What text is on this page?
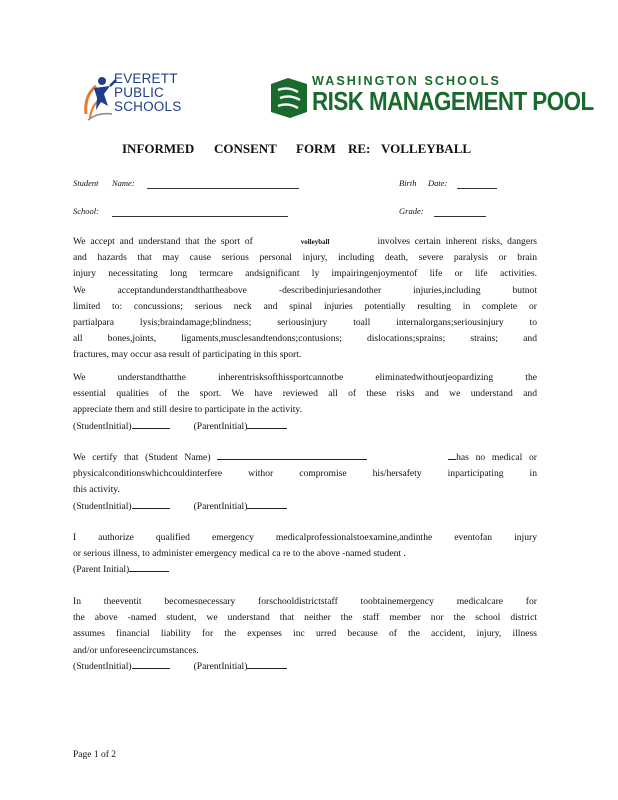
EVERETT
PUBLIC
SCHOOLS
WASHINGTON SCHOOLS
RISK MANAGEMENT POOL
INFORMED CONSENT FORM RE: VOLLEYBALL
Student Name:	Birth Date:
School:	Grade:

We accept and understand that the sport of	volleyball	involves certain inherent risks, dangers

and hazards that may cause serious personal injury, including death, severe paralysis or brain

injury necessitating long termcare andsignificant ly impairingenjoymentof life or life activities.

We acceptandunderstandthattheabove -describedinjuriesandother injuries,including butnot

limited to: concussions; serious neck and spinal injuries potentially resulting in complete or

partialpara lysis;braindamage;blindness; seriousinjury toall internalorgans;seriousinjury to

all bones,joints, ligaments,musclesandtendons;contusions; dislocations;sprains; strains; and

fractures, may occur asa result of participating in this sport.

We understandthatthe inherentrisksofthissportcannotbe eliminatedwithoutjeopardizing the

essential qualities of the sport. We have reviewed all of these risks and we understand and

appreciate them and still desire to participate in the activity.

(StudentInitial)	(ParentInitial)

We certify that (Student Name)	has no medical or

physicalconditionswhichcouldinterfere withor compromise his/hersafety inparticipating in

this activity.

(StudentInitial)	(ParentInitial)

I authorize qualified emergency medicalprofessionalstoexamine,andinthe eventofan injury

or serious illness, to administer emergency medical ca re to the above -named student .

(Parent Initial)

In theeventit becomesnecessary forschooldistrictstaff toobtainemergency medicalcare for

the above -named student, we understand that neither the staff member nor the school district

assumes financial liability for the expenses inc urred because of the accident, injury, illness

and/or unforeseencircumstances.

(StudentInitial)	(ParentInitial)

Page 1 of 2
